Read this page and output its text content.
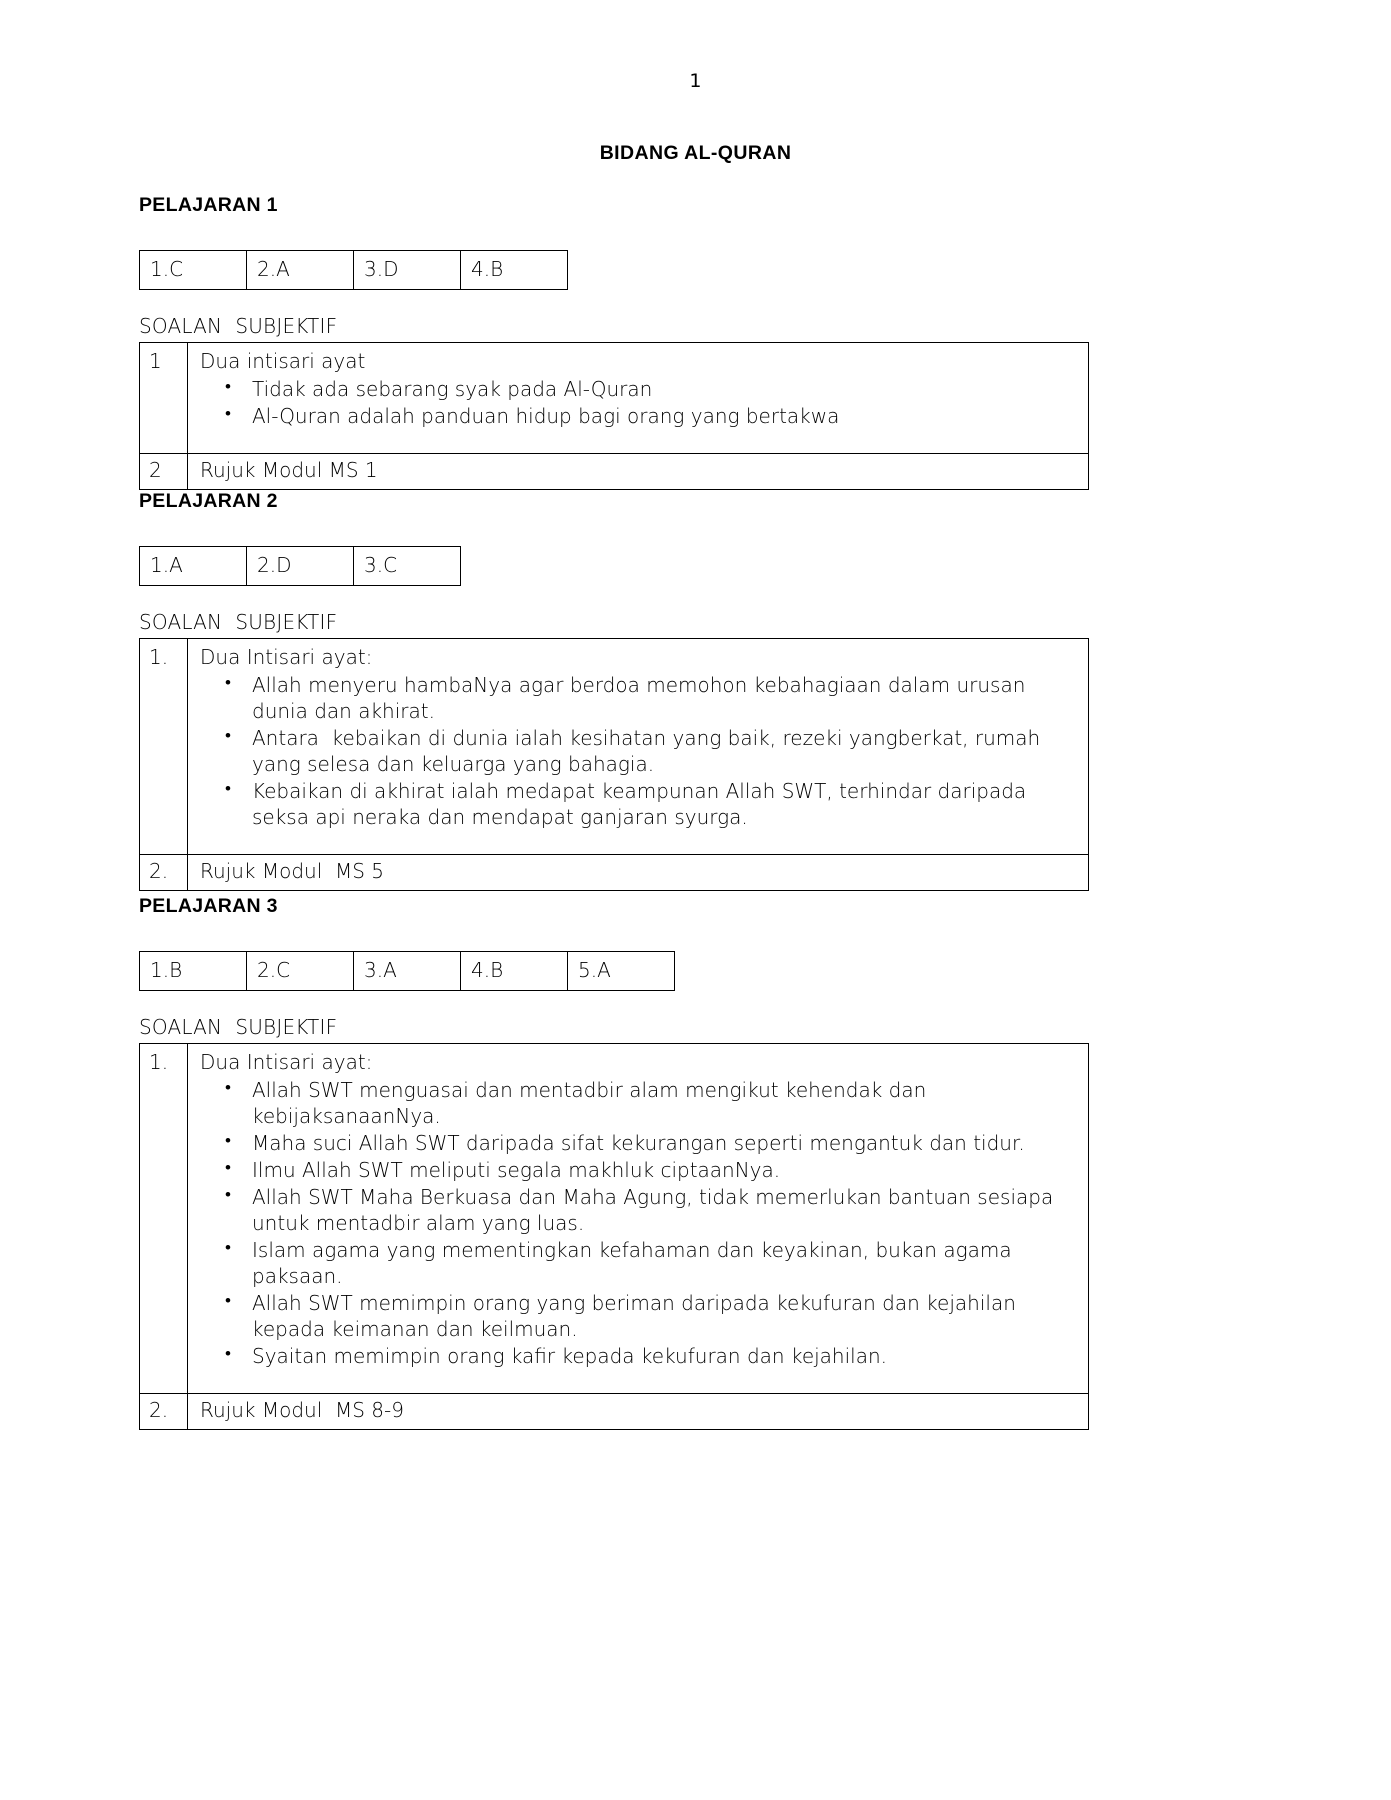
1
BIDANG AL-QURAN
PELAJARAN 1
1.C	2.A	3.D	4.B
SOALAN  SUBJEKTIF
1	Dua intisari ayat
• Tidak ada sebarang syak pada Al-Quran
• Al-Quran adalah panduan hidup bagi orang yang bertakwa

2	Rujuk Modul MS 1
PELAJARAN 2
1.A	2.D	3.C
SOALAN  SUBJEKTIF
1.	Dua Intisari ayat:
• Allah menyeru hambaNya agar berdoa memohon kebahagiaan dalam urusan dunia dan akhirat.
• Antara  kebaikan di dunia ialah kesihatan yang baik, rezeki yangberkat, rumah yang selesa dan keluarga yang bahagia.
• Kebaikan di akhirat ialah medapat keampunan Allah SWT, terhindar daripada seksa api neraka dan mendapat ganjaran syurga.

2.	Rujuk Modul  MS 5
PELAJARAN 3
1.B	2.C	3.A	4.B	5.A
SOALAN  SUBJEKTIF
1.	Dua Intisari ayat:
• Allah SWT menguasai dan mentadbir alam mengikut kehendak dan kebijaksanaanNya.
• Maha suci Allah SWT daripada sifat kekurangan seperti mengantuk dan tidur.
• Ilmu Allah SWT meliputi segala makhluk ciptaanNya.
• Allah SWT Maha Berkuasa dan Maha Agung, tidak memerlukan bantuan sesiapa untuk mentadbir alam yang luas.
• Islam agama yang mementingkan kefahaman dan keyakinan, bukan agama paksaan.
• Allah SWT memimpin orang yang beriman daripada kekufuran dan kejahilan kepada keimanan dan keilmuan.
• Syaitan memimpin orang kafir kepada kekufuran dan kejahilan.

2.	Rujuk Modul  MS 8-9
